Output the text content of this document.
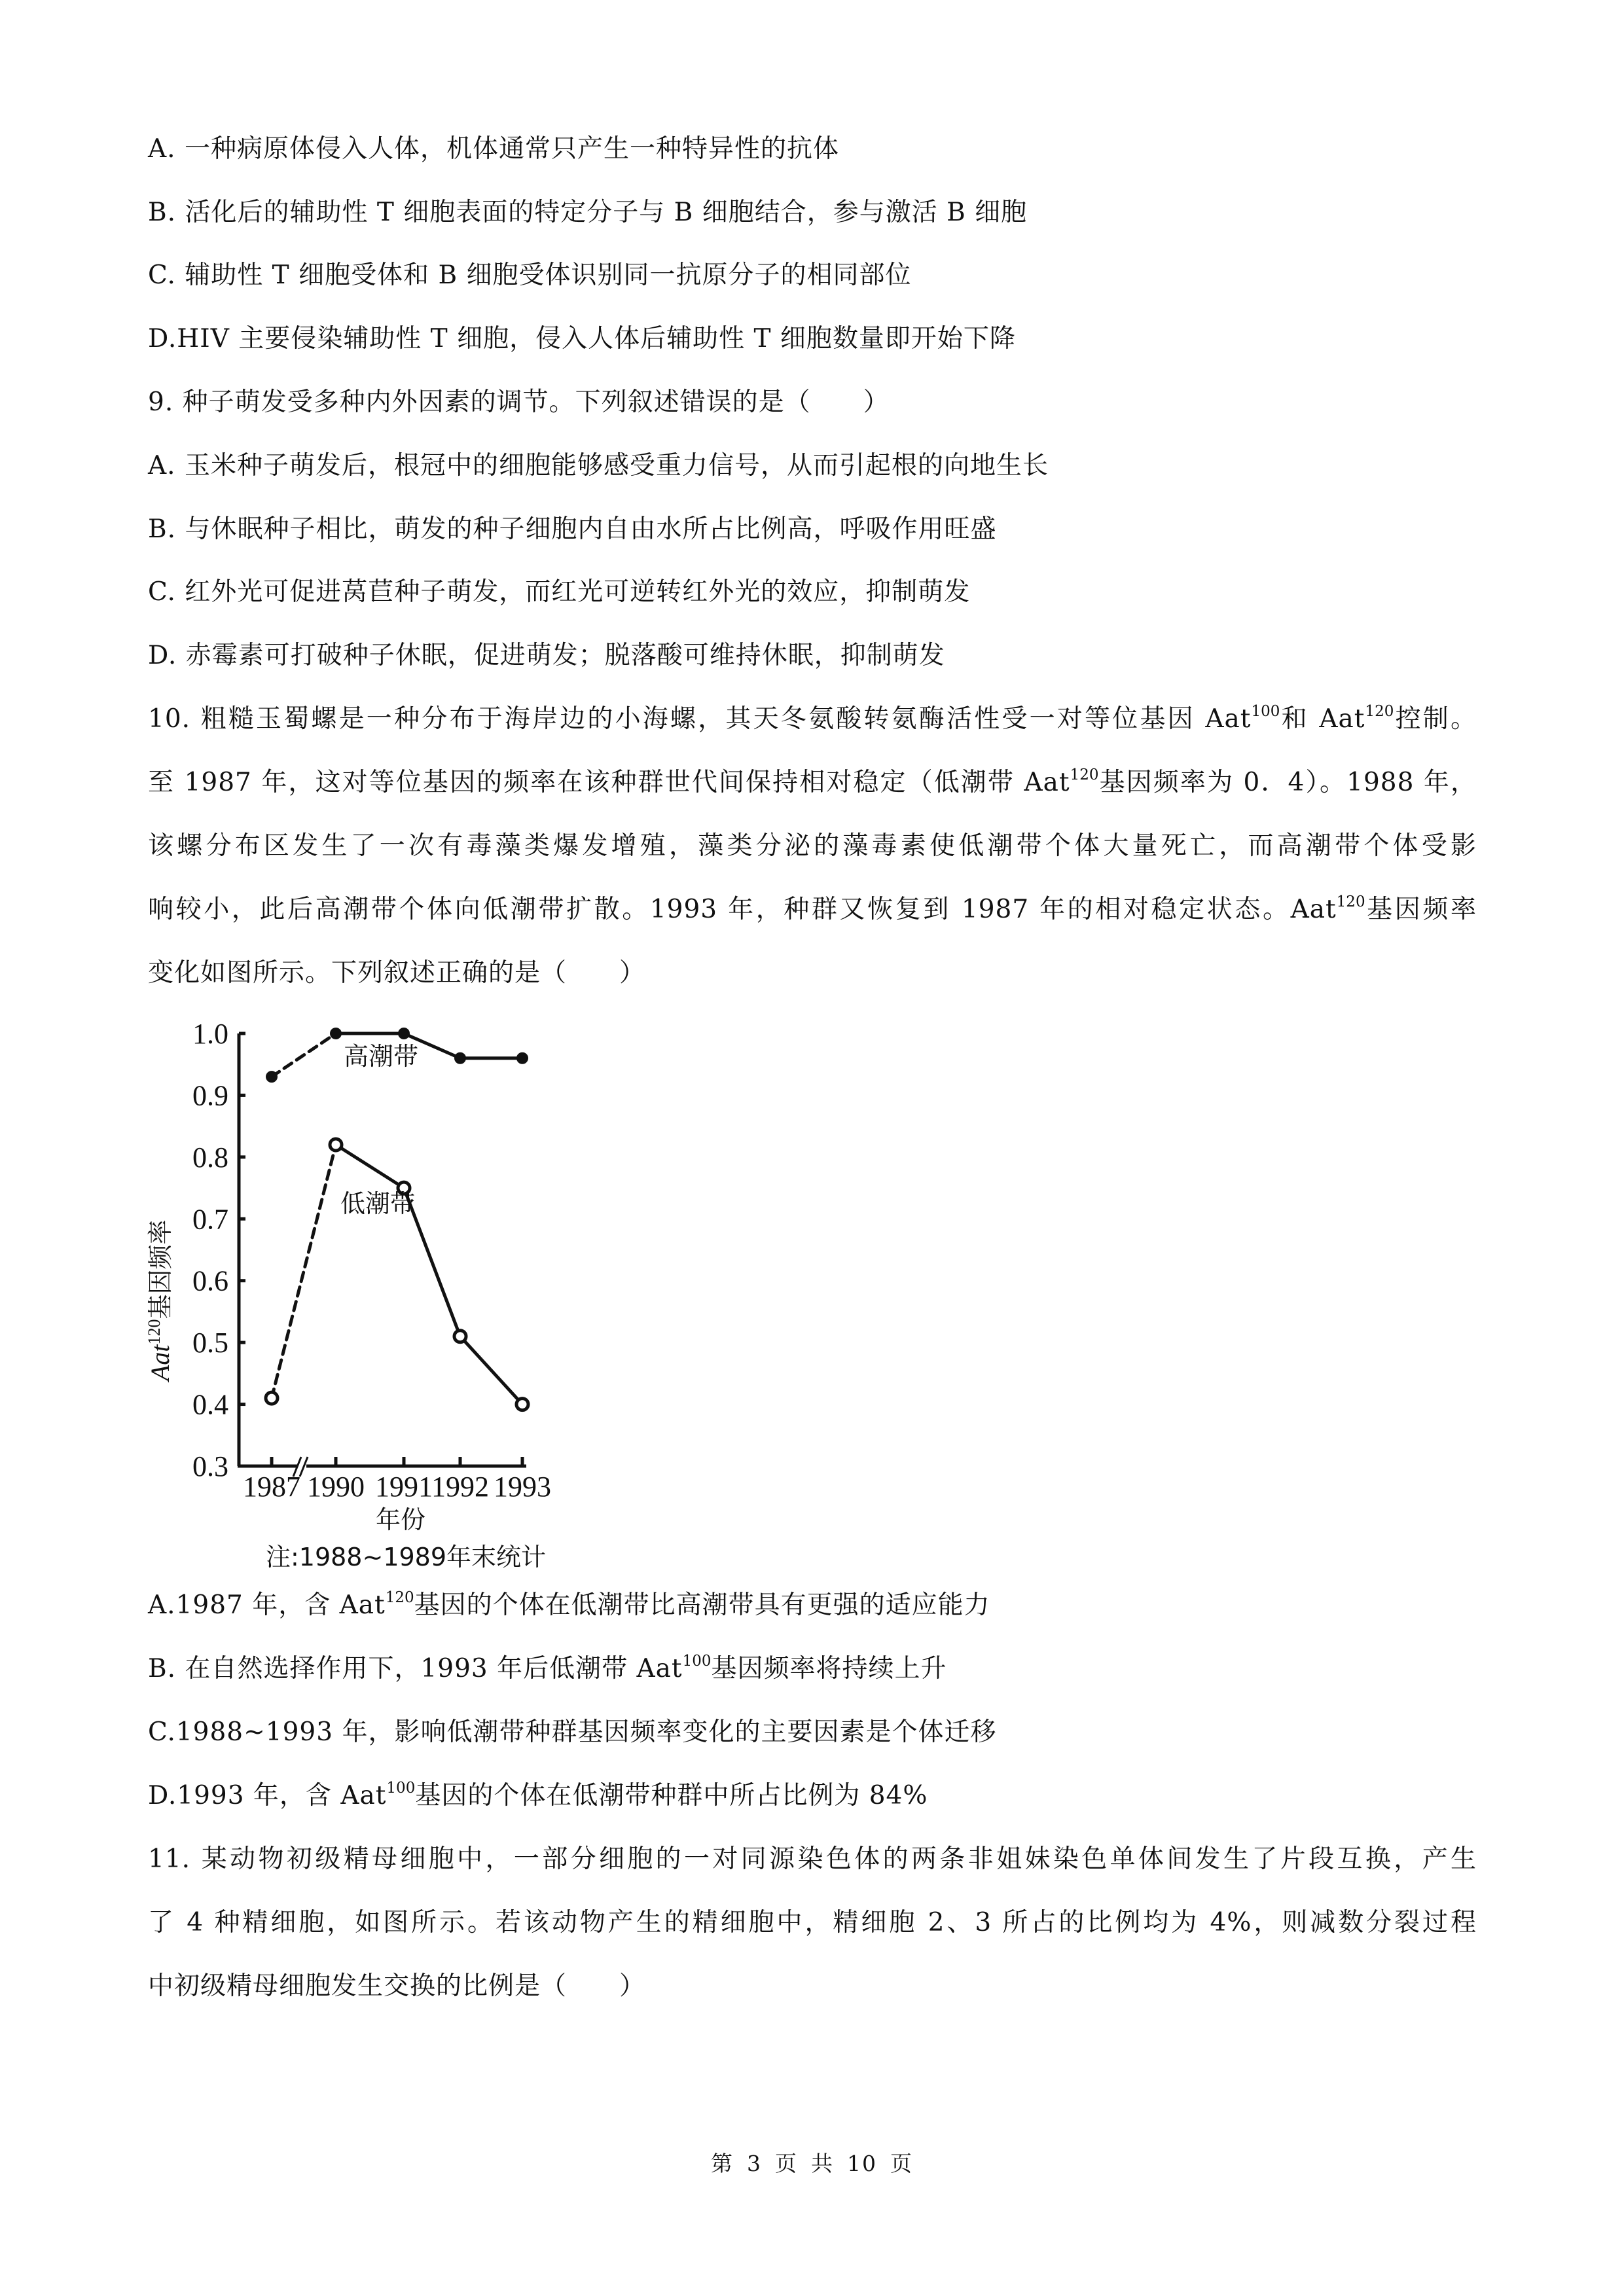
A. 一种病原体侵入人体，机体通常只产生一种特异性的抗体
B. 活化后的辅助性 T 细胞表面的特定分子与 B 细胞结合，参与激活 B 细胞
C. 辅助性 T 细胞受体和 B 细胞受体识别同一抗原分子的相同部位
D.HIV 主要侵染辅助性 T 细胞，侵入人体后辅助性 T 细胞数量即开始下降
9. 种子萌发受多种内外因素的调节。下列叙述错误的是（　　）
A. 玉米种子萌发后，根冠中的细胞能够感受重力信号，从而引起根的向地生长
B. 与休眠种子相比，萌发的种子细胞内自由水所占比例高，呼吸作用旺盛
C. 红外光可促进莴苣种子萌发，而红光可逆转红外光的效应，抑制萌发
D. 赤霉素可打破种子休眠，促进萌发；脱落酸可维持休眠，抑制萌发
10. 粗糙玉蜀螺是一种分布于海岸边的小海螺，其天冬氨酸转氨酶活性受一对等位基因 Aat$^{100}$和 Aat$^{120}$控制。
至 1987 年，这对等位基因的频率在该种群世代间保持相对稳定（低潮带 Aat$^{120}$基因频率为 0．4）。1988 年，
该螺分布区发生了一次有毒藻类爆发增殖，藻类分泌的藻毒素使低潮带个体大量死亡，而高潮带个体受影
响较小，此后高潮带个体向低潮带扩散。1993 年，种群又恢复到 1987 年的相对稳定状态。Aat$^{120}$基因频率
变化如图所示。下列叙述正确的是（　　）
0.3
0.4
0.5
0.6
0.7
0.8
0.9
1.0
1987 1990 1991
1992 1993
高潮带
低潮带
Aat$^{120}$基因频率
年份
注:1988~1989年末统计
A.1987 年，含 Aat$^{120}$基因的个体在低潮带比高潮带具有更强的适应能力
B. 在自然选择作用下，1993 年后低潮带 Aat$^{100}$基因频率将持续上升
C.1988~1993 年，影响低潮带种群基因频率变化的主要因素是个体迁移
D.1993 年，含 Aat$^{100}$基因的个体在低潮带种群中所占比例为 84%
11. 某动物初级精母细胞中，一部分细胞的一对同源染色体的两条非姐妹染色单体间发生了片段互换，产生
了 4 种精细胞，如图所示。若该动物产生的精细胞中，精细胞 2、3 所占的比例均为 4%，则减数分裂过程
中初级精母细胞发生交换的比例是（　　）
第 3 页 共 10 页
